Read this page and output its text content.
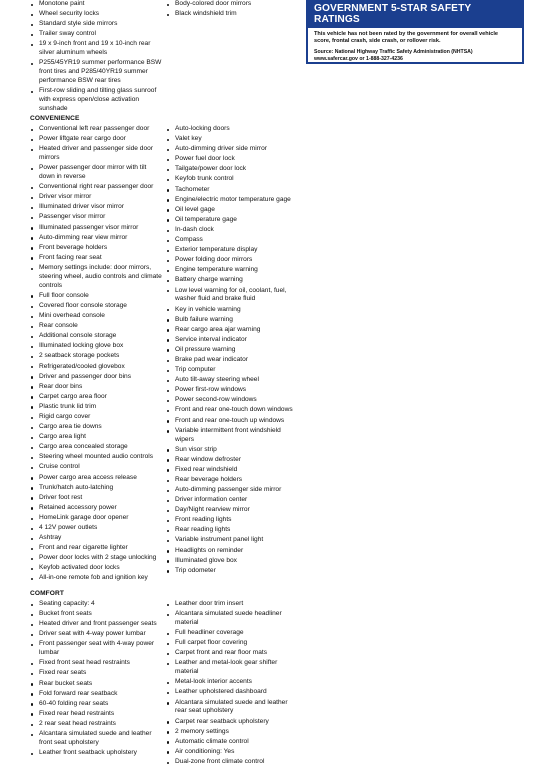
Monotone paint
Wheel security locks
Standard style side mirrors
Trailer sway control
19 x 9-inch front and 19 x 10-inch rear silver aluminum wheels
P255/45YR19 summer performance BSW front tires and P285/40YR19 summer performance BSW rear tires
First-row sliding and tilting glass sunroof with express open/close activation sunshade
Body-colored door mirrors
Black windshield trim	GOVERNMENT 5-STAR SAFETY RATINGS
This vehicle has not been rated by the government for overall vehicle score, frontal crash, side crash, or rollover risk.
Source: National Highway Traffic Safety Administration (NHTSA)
www.safercar.gov or 1-888-327-4236
CONVENIENCE
Conventional left rear passenger door
Power liftgate rear cargo door
Heated driver and passenger side door mirrors
Power passenger door mirror with tilt down in reverse
Conventional right rear passenger door
Driver visor mirror
Illuminated driver visor mirror
Passenger visor mirror
Illuminated passenger visor mirror
Auto-dimming rear view mirror
Front beverage holders
Front facing rear seat
Memory settings include: door mirrors, steering wheel, audio controls and climate controls
Full floor console
Covered floor console storage
Mini overhead console
Rear console
Additional console storage
Illuminated locking glove box
2 seatback storage pockets
Refrigerated/cooled glovebox
Driver and passenger door bins
Rear door bins
Carpet cargo area floor
Plastic trunk lid trim
Rigid cargo cover
Cargo area tie downs
Cargo area light
Cargo area concealed storage
Steering wheel mounted audio controls
Cruise control
Power cargo area access release
Trunk/hatch auto-latching
Driver foot rest
Retained accessory power
HomeLink garage door opener
4 12V power outlets
Ashtray
Front and rear cigarette lighter
Power door locks with 2 stage unlocking
Keyfob activated door locks
All-in-one remote fob and ignition key
Auto-locking doors
Valet key
Auto-dimming driver side mirror
Power fuel door lock
Tailgate/power door lock
Keyfob trunk control
Tachometer
Engine/electric motor temperature gage
Oil level gage
Oil temperature gage
In-dash clock
Compass
Exterior temperature display
Power folding door mirrors
Engine temperature warning
Battery charge warning
Low level warning for oil, coolant, fuel, washer fluid and brake fluid
Key in vehicle warning
Bulb failure warning
Rear cargo area ajar warning
Service interval indicator
Oil pressure warning
Brake pad wear indicator
Trip computer
Auto tilt-away steering wheel
Power first-row windows
Power second-row windows
Front and rear one-touch down windows
Front and rear one-touch up windows
Variable intermittent front windshield wipers
Sun visor strip
Rear window defroster
Fixed rear windshield
Rear beverage holders
Auto-dimming passenger side mirror
Driver information center
Day/Night rearview mirror
Front reading lights
Rear reading lights
Variable instrument panel light
Headlights on reminder
Illuminated glove box
Trip odometer
COMFORT
Seating capacity: 4
Bucket front seats
Heated driver and front passenger seats
Driver seat with 4-way power lumbar
Front passenger seat with 4-way power lumbar
Fixed front seat head restraints
Fixed rear seats
Rear bucket seats
Fold forward rear seatback
60-40 folding rear seats
Fixed rear head restraints
2 rear seat head restraints
Alcantara simulated suede and leather front seat upholstery
Leather front seatback upholstery
Leather door trim insert
Alcantara simulated suede headliner material
Full headliner coverage
Full carpet floor covering
Carpet front and rear floor mats
Leather and metal-look gear shifter material
Metal-look interior accents
Leather upholstered dashboard
Alcantara simulated suede and leather rear seat upholstery
Carpet rear seatback upholstery
2 memory settings
Automatic climate control
Air conditioning: Yes
Dual-zone front climate control
